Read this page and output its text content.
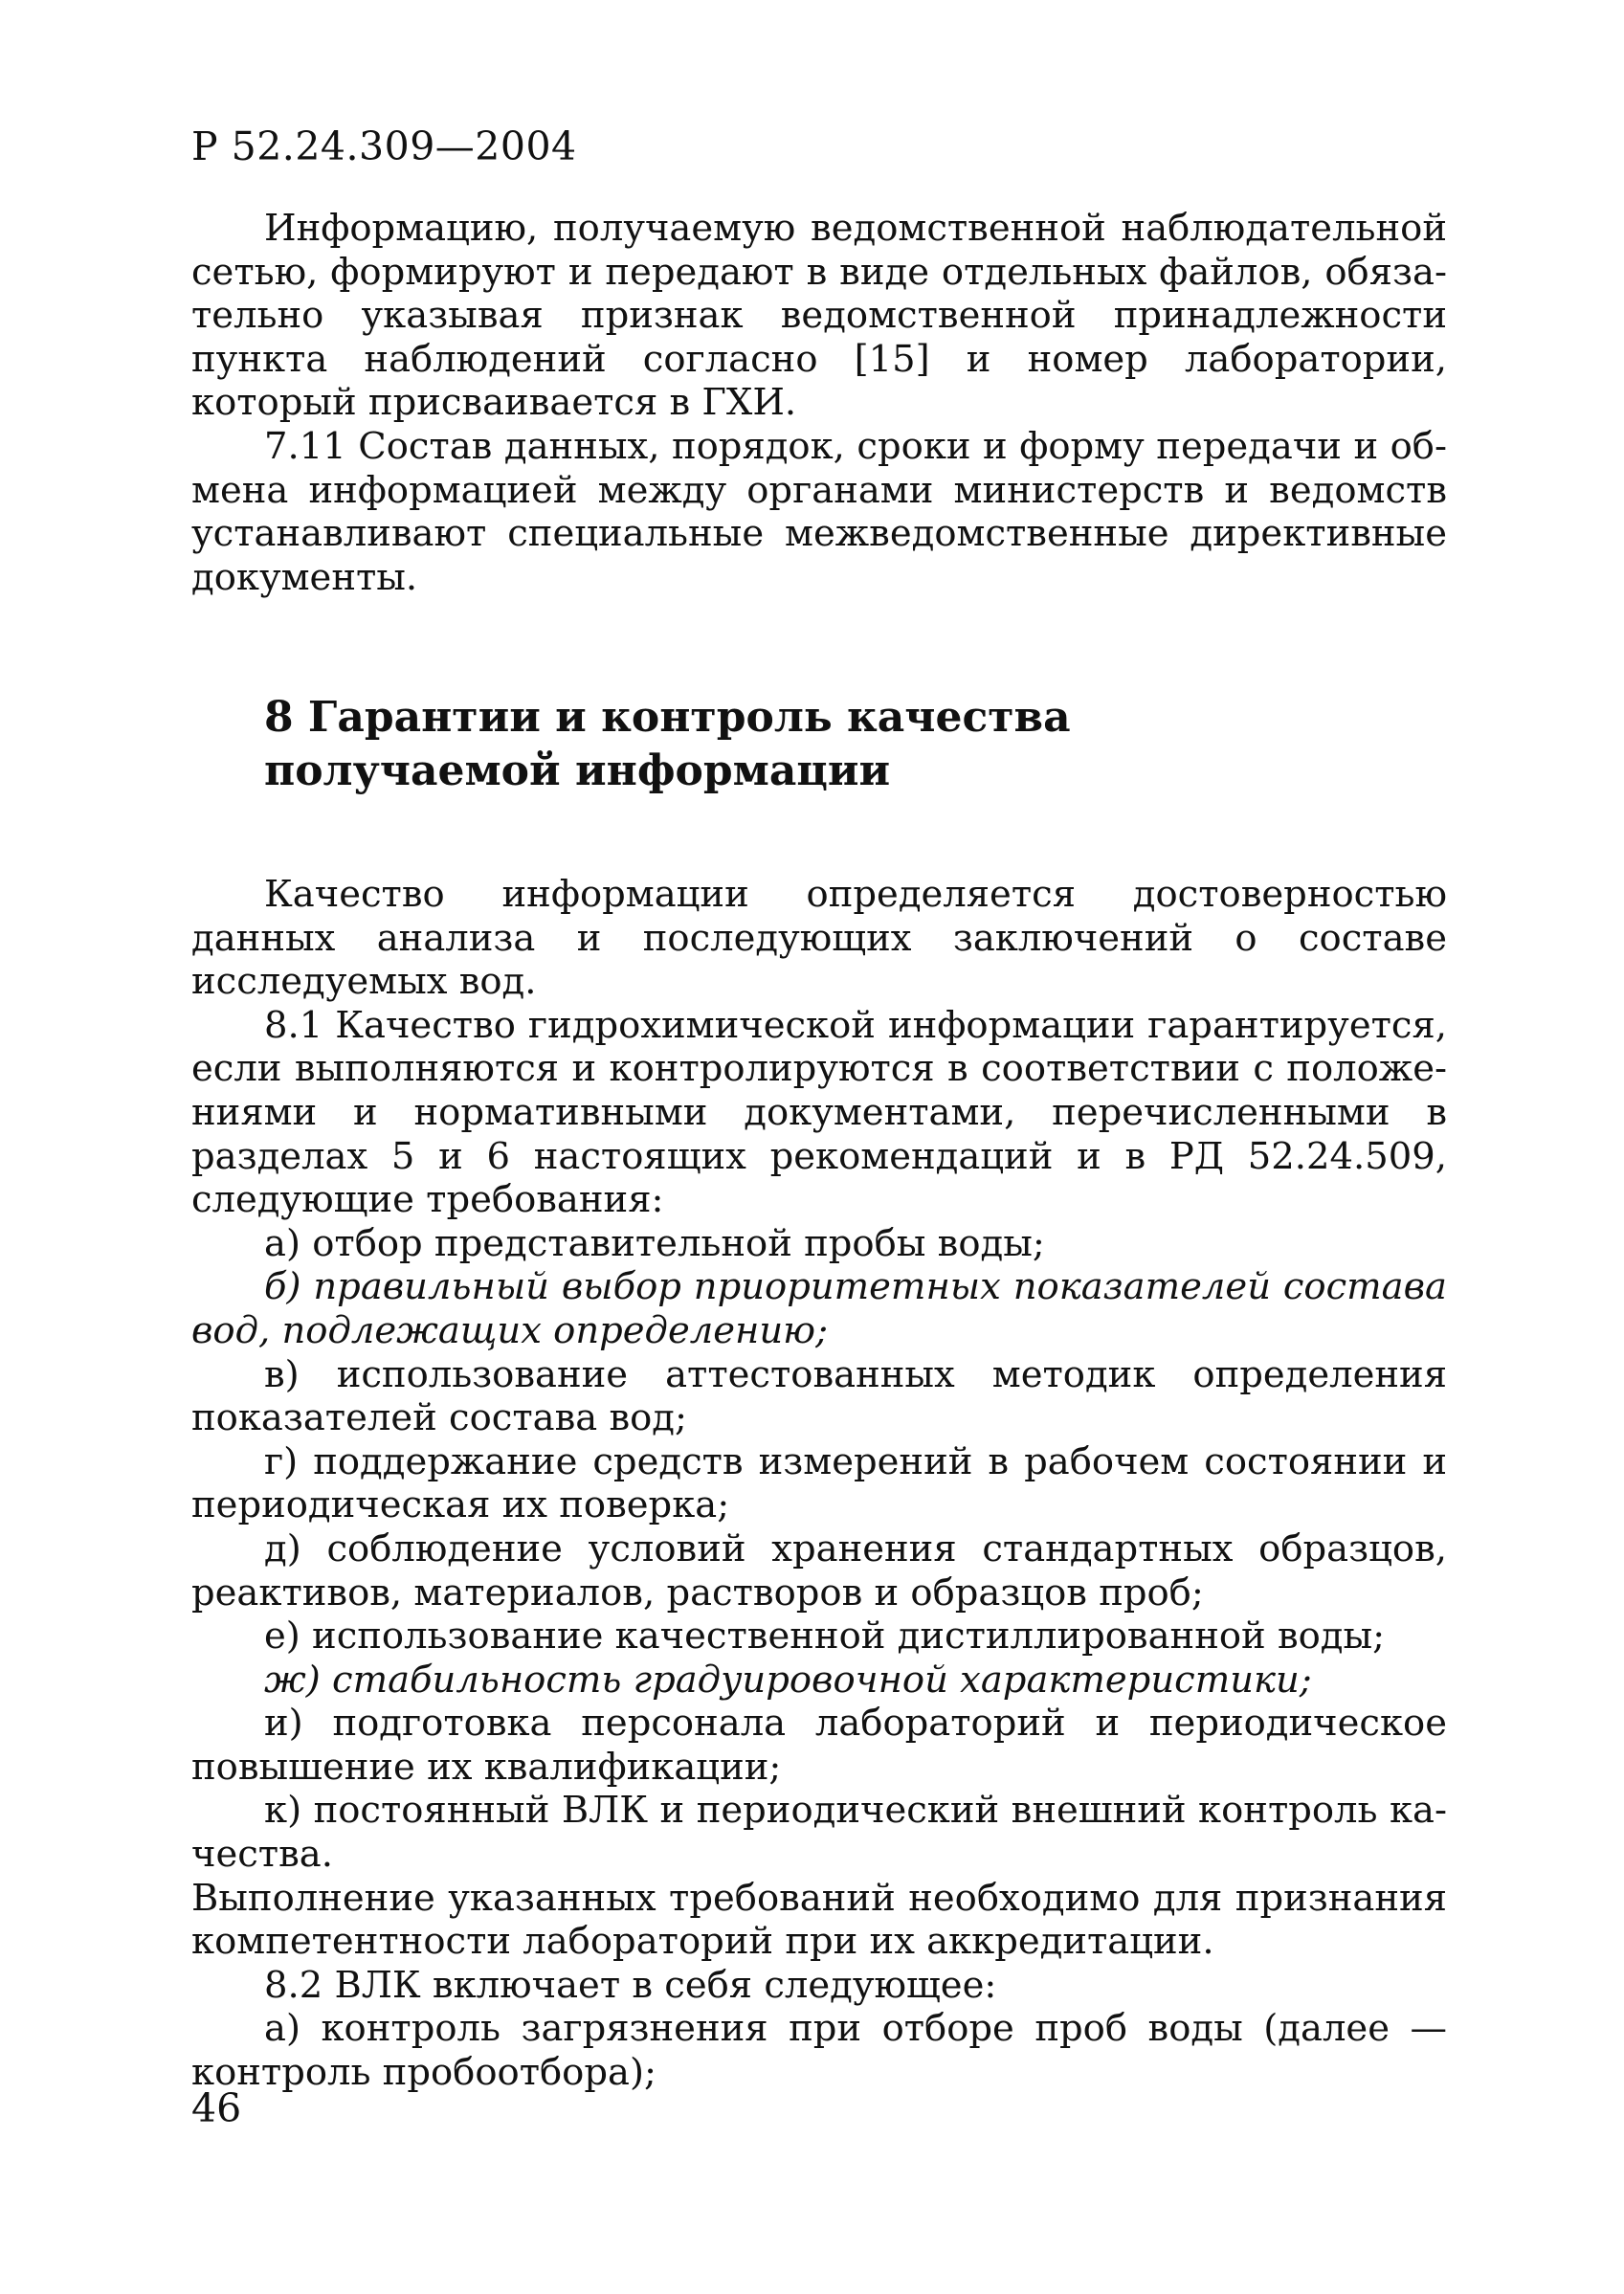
Р 52.24.309—2004

Информацию, получаемую ведомственной наблюдательной сетью, формируют и передают в виде отдельных файлов, обязательно указывая признак ведомственной принадлежности пункта наблюдений согласно [15] и номер лаборатории, который присваивается в ГХИ.

7.11 Состав данных, порядок, сроки и форму передачи и обмена информацией между органами министерств и ведомств устанавливают специальные межведомственные директивные документы.

8 Гарантии и контроль качества
получаемой информации

Качество информации определяется достоверностью данных анализа и последующих заключений о составе исследуемых вод.

8.1 Качество гидрохимической информации гарантируется, если выполняются и контролируются в соответствии с положениями и нормативными документами, перечисленными в разделах 5 и 6 настоящих рекомендаций и в РД 52.24.509, следующие требования:

а) отбор представительной пробы воды;

б) правильный выбор приоритетных показателей состава вод, подлежащих определению;

в) использование аттестованных методик определения показателей состава вод;

г) поддержание средств измерений в рабочем состоянии и периодическая их поверка;

д) соблюдение условий хранения стандартных образцов, реактивов, материалов, растворов и образцов проб;

е) использование качественной дистиллированной воды;

ж) стабильность градуировочной характеристики;

и) подготовка персонала лабораторий и периодическое повышение их квалификации;

к) постоянный ВЛК и периодический внешний контроль качества.

Выполнение указанных требований необходимо для признания компетентности лабораторий при их аккредитации.

8.2 ВЛК включает в себя следующее:

а) контроль загрязнения при отборе проб воды (далее — контроль пробоотбора);

46
